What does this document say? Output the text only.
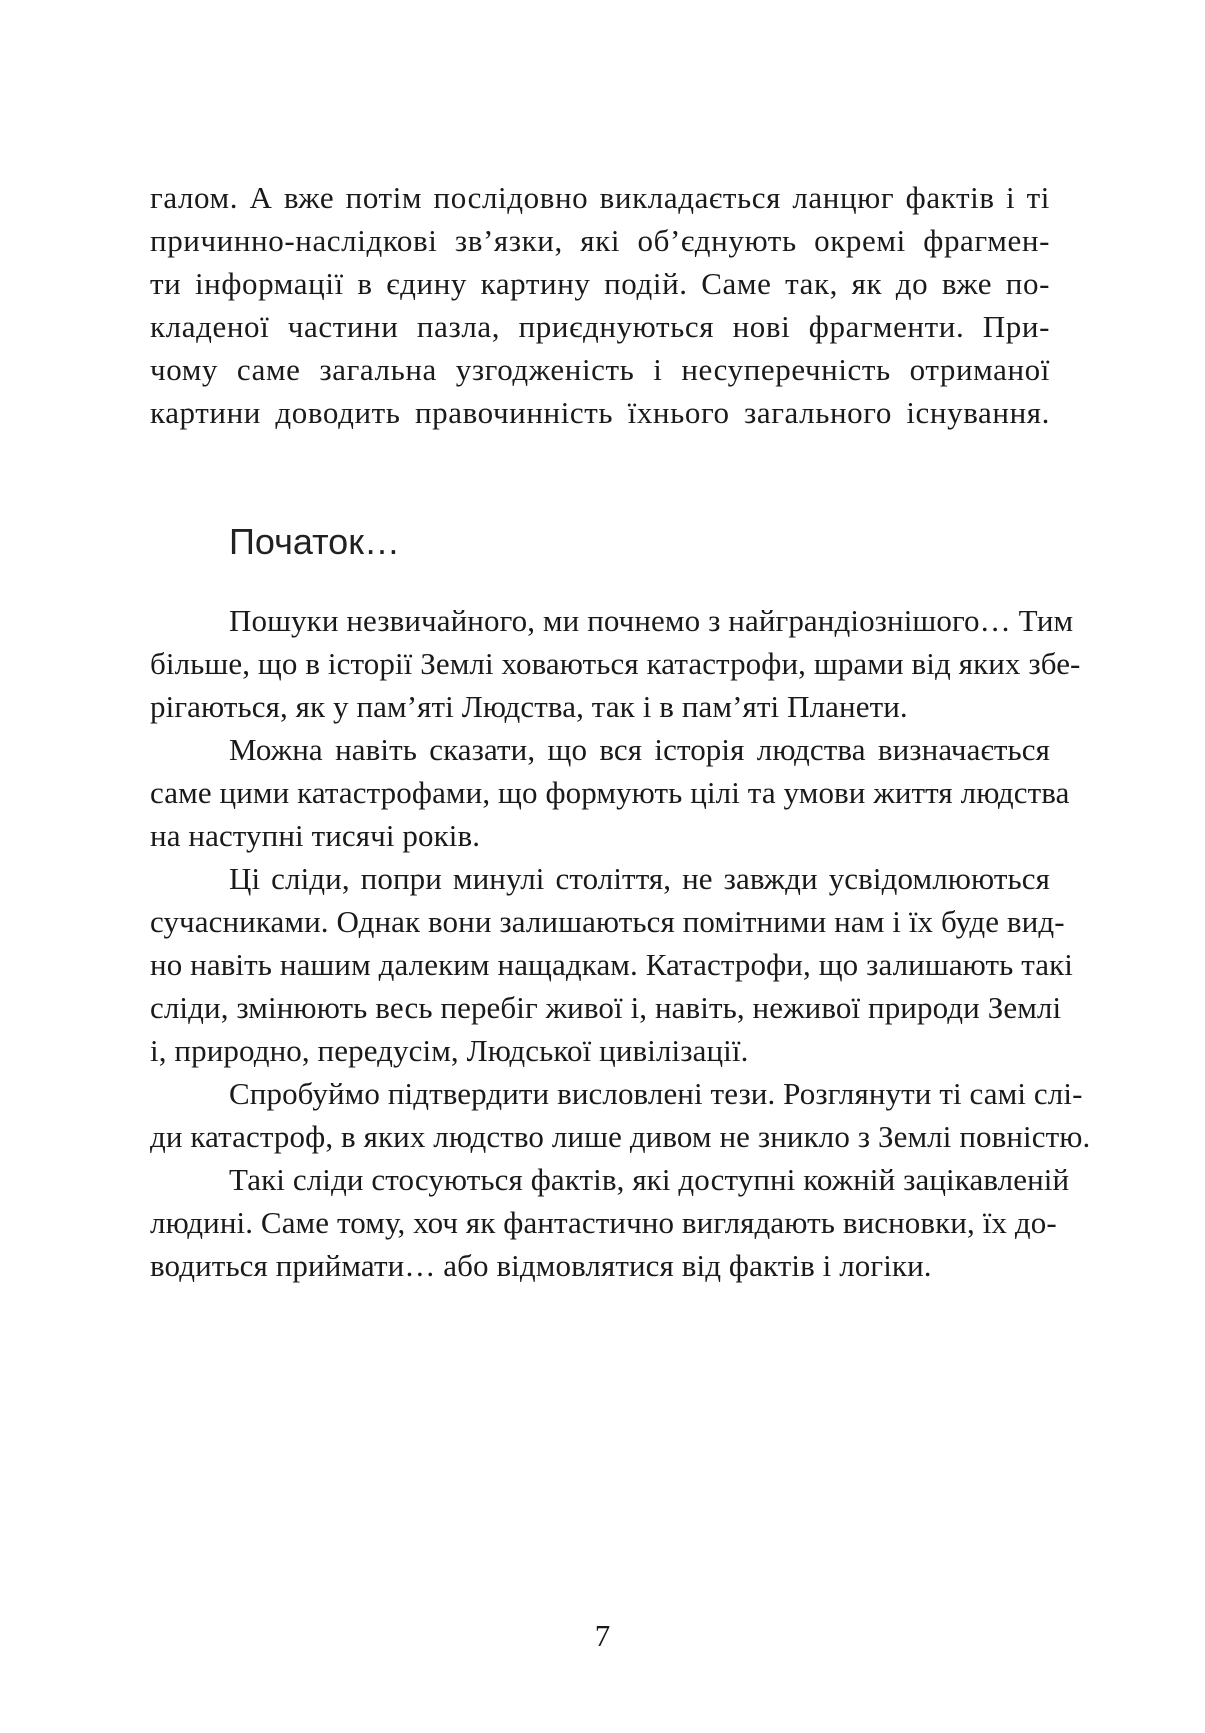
галом. А вже потім послідовно викладається ланцюг фактів і ті

причинно-наслідкові зв’язки, які об’єднують окремі фрагмен-

ти інформації в єдину картину подій. Саме так, як до вже по-

кладеної частини пазла, приєднуються нові фрагменти. При-

чому саме загальна узгодженість і несуперечність отриманої

картини доводить правочинність їхнього загального існування.

Початок…

Пошуки незвичайного, ми почнемо з найграндіознішого… Тим

більше, що в історії Землі ховаються катастрофи, шрами від яких збе-

рігаються, як у пам’яті Людства, так і в пам’яті Планети.

Можна навіть сказати, що вся історія людства визначається

саме цими катастрофами, що формують цілі та умови життя людства

на наступні тисячі років.

Ці сліди, попри минулі століття, не завжди усвідомлюються

сучасниками. Однак вони залишаються помітними нам і їх буде вид-

но навіть нашим далеким нащадкам. Катастрофи, що залишають такі

сліди, змінюють весь перебіг живої і, навіть, неживої природи Землі

і, природно, передусім, Людської цивілізації.

Спробуймо підтвердити висловлені тези. Розглянути ті самі слі-

ди катастроф, в яких людство лише дивом не зникло з Землі повністю.

Такі сліди стосуються фактів, які доступні кожній зацікавленій

людині. Саме тому, хоч як фантастично виглядають висновки, їх до-

водиться приймати… або відмовлятися від фактів і логіки.

7
